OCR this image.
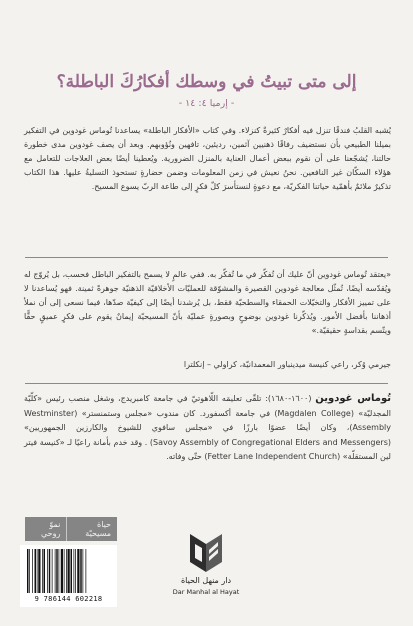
إلى متى تبيتُ في وسطك أفكارُكَ الباطلة؟
- إرميا ٤: ١٤ -

يُشبه القلبُ فندقًا تنزل فيه أفكارٌ كثيرةٌ كنزلاء. وفي كتاب «الأفكار الباطلة» يساعدنا تُوماس غودوين في التفكير بميلنا الطبيعي بأن نستضيف رفاقًا ذهنيين آثمين، رديئين، تافهين ونُؤوبهم. وبعد أن يصف غودوين مدى خطورة حالتنا، يُشجّعنا على أن نقوم ببعض أعمال العناية بالمنزل الضرورية. ويُعطينا أيضًا بعض العلاجات للتعامل مع هؤلاء السكّان غير النافعين. نحنُ نعيش في زمن المعلومات وضمن حضارةٍ تستحوذ التسليةُ عليها. هذا الكتاب تذكيرٌ ملائمٌ بأهمّية حياتنا الفكريّة، مع دعوةٍ لنستأسرَ كلّ فكرٍ إلى طاعة الربّ يسوع المسيح.

«يعتقد تُوماس غودوين أنّ عليك أن تُفكّر في ما تُفكّر به. ففي عالمٍ لا يسمح بالتفكير الباطل فحسب، بل يُروّج له ويُقدّسه أيضًا، تُمثّل معالجة غودوين القصيرة والمشوّقة للعمليّات الأخلاقيّة الذهنيّة جوهرةً ثمينة. فهو يُساعدنا لا على تمييز الأفكار والتخيّلات الحمقاء والسطحيّة فقط، بل يُرشدنا أيضًا إلى كيفيّة صدّها، فيما نسعى إلى أن نملأ أذهاننا بأفضل الأمور. ويُذكّرنا غودوين بوضوحٍ وبصورةٍ عمليّة بأنّ المسيحيّة إيمانٌ يقوم على فكرٍ عميقٍ حقًّا ويتّسم بقداسةٍ حقيقيّة.»

جيرمي وُكر، راعي كنيسة ميدينباور المعمدانيّة، كراولي – إنكلترا

تُوماس غودوين (١٦٠٠-١٦٨٠): تلقّى تعليمَه اللّاهوتيّ في جامعة كامبريدج، وشغل منصب رئيس «كلّيّة المجدليّة» (Magdalen College) في جامعة أكسفورد. كان مندوب «مجلس وستمنستر» (Westminster Assembly)، وكان أيضًا عضوًا بارزًا في «مجلس سافوي للشيوخ والكارزين الجمهوريين» (Savoy Assembly of Congregational Elders and Messengers) . وقد خدم بأمانة راعيًا لـ «كنيسة فيتر لين المستقلّة» (Fetter Lane Independent Church) حتّى وفاته.

حياة مسيحيّة
نموّ روحي
9 786144 602218
دار منهل الحياة
Dar Manhal al Hayat
